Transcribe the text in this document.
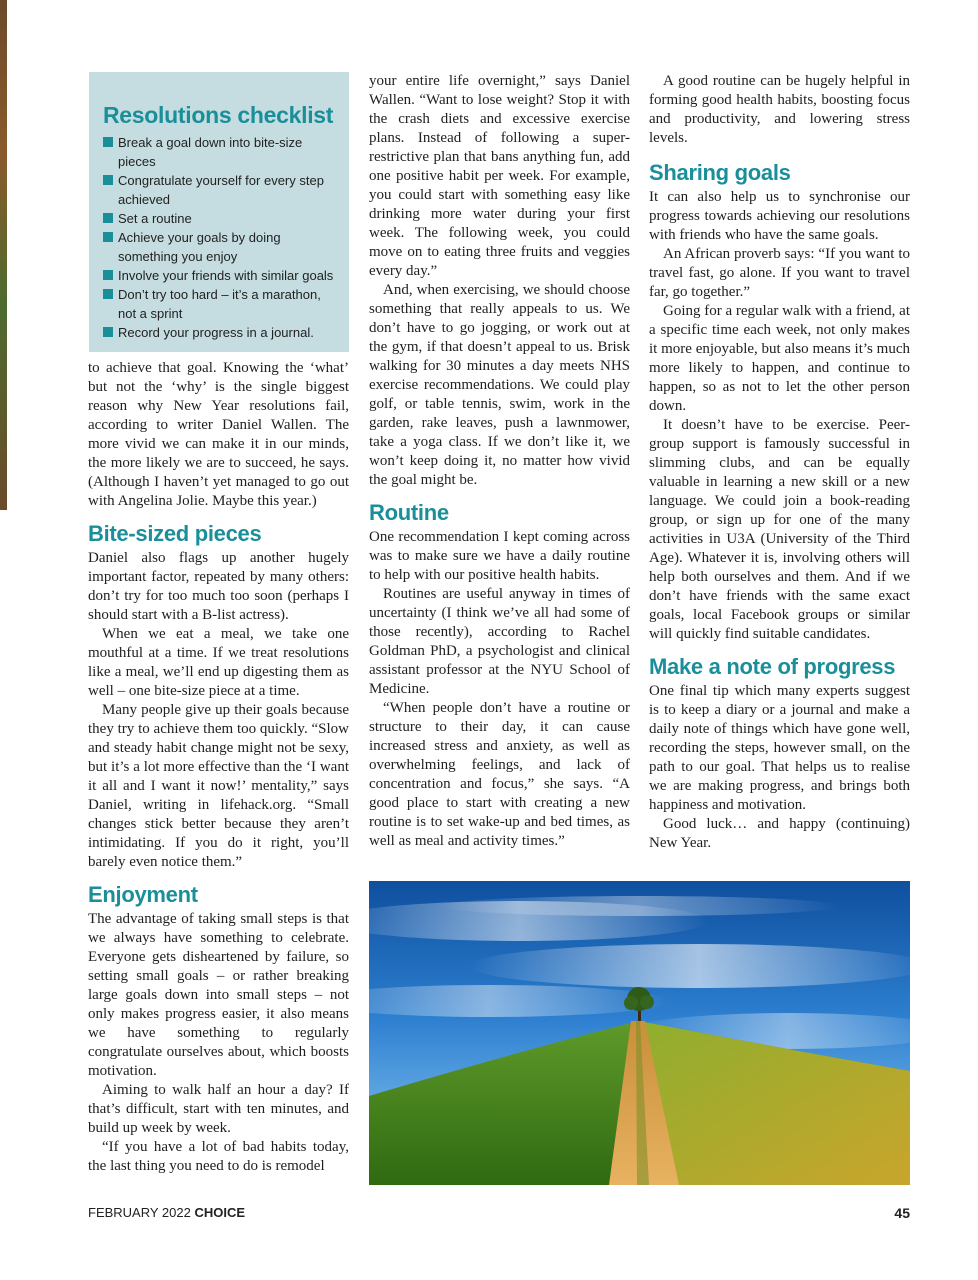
Resolutions checklist
Break a goal down into bite-size pieces
Congratulate yourself for every step achieved
Set a routine
Achieve your goals by doing something you enjoy
Involve your friends with similar goals
Don’t try too hard – it’s a marathon, not a sprint
Record your progress in a journal.

to achieve that goal. Knowing the ‘what’ but not the ‘why’ is the single biggest reason why New Year resolutions fail, according to writer Daniel Wallen. The more vivid we can make it in our minds, the more likely we are to succeed, he says. (Although I haven’t yet managed to go out with Angelina Jolie. Maybe this year.)

Bite-sized pieces

Daniel also flags up another hugely important factor, repeated by many others: don’t try for too much too soon (perhaps I should start with a B-list actress).

When we eat a meal, we take one mouthful at a time. If we treat resolutions like a meal, we’ll end up digesting them as well – one bite-size piece at a time.

Many people give up their goals because they try to achieve them too quickly. “Slow and steady habit change might not be sexy, but it’s a lot more effective than the ‘I want it all and I want it now!’ mentality,” says Daniel, writing in lifehack.org. “Small changes stick better because they aren’t intimidating. If you do it right, you’ll barely even notice them.”

Enjoyment

The advantage of taking small steps is that we always have something to celebrate. Everyone gets disheartened by failure, so setting small goals – or rather breaking large goals down into small steps – not only makes progress easier, it also means we have something to regularly congratulate ourselves about, which boosts motivation.

Aiming to walk half an hour a day? If that’s difficult, start with ten minutes, and build up week by week.

“If you have a lot of bad habits today, the last thing you need to do is remodel

your entire life overnight,” says Daniel Wallen. “Want to lose weight? Stop it with the crash diets and excessive exercise plans. Instead of following a super-restrictive plan that bans anything fun, add one positive habit per week. For example, you could start with something easy like drinking more water during your first week. The following week, you could move on to eating three fruits and veggies every day.”

And, when exercising, we should choose something that really appeals to us. We don’t have to go jogging, or work out at the gym, if that doesn’t appeal to us. Brisk walking for 30 minutes a day meets NHS exercise recommendations. We could play golf, or table tennis, swim, work in the garden, rake leaves, push a lawnmower, take a yoga class. If we don’t like it, we won’t keep doing it, no matter how vivid the goal might be.

Routine

One recommendation I kept coming across was to make sure we have a daily routine to help with our positive health habits.

Routines are useful anyway in times of uncertainty (I think we’ve all had some of those recently), according to Rachel Goldman PhD, a psychologist and clinical assistant professor at the NYU School of Medicine.

“When people don’t have a routine or structure to their day, it can cause increased stress and anxiety, as well as overwhelming feelings, and lack of concentration and focus,” she says. “A good place to start with creating a new routine is to set wake-up and bed times, as well as meal and activity times.”

A good routine can be hugely helpful in forming good health habits, boosting focus and productivity, and lowering stress levels.

Sharing goals

It can also help us to synchronise our progress towards achieving our resolutions with friends who have the same goals.

An African proverb says: “If you want to travel fast, go alone. If you want to travel far, go together.”

Going for a regular walk with a friend, at a specific time each week, not only makes it more enjoyable, but also means it’s much more likely to happen, and continue to happen, so as not to let the other person down.

It doesn’t have to be exercise. Peer-group support is famously successful in slimming clubs, and can be equally valuable in learning a new skill or a new language. We could join a book-reading group, or sign up for one of the many activities in U3A (University of the Third Age). Whatever it is, involving others will help both ourselves and them. And if we don’t have friends with the same exact goals, local Facebook groups or similar will quickly find suitable candidates.

Make a note of progress

One final tip which many experts suggest is to keep a diary or a journal and make a daily note of things which have gone well, recording the steps, however small, on the path to our goal. That helps us to realise we are making progress, and brings both happiness and motivation.

Good luck… and happy (continuing) New Year.

FEBRUARY 2022 CHOICE	45
